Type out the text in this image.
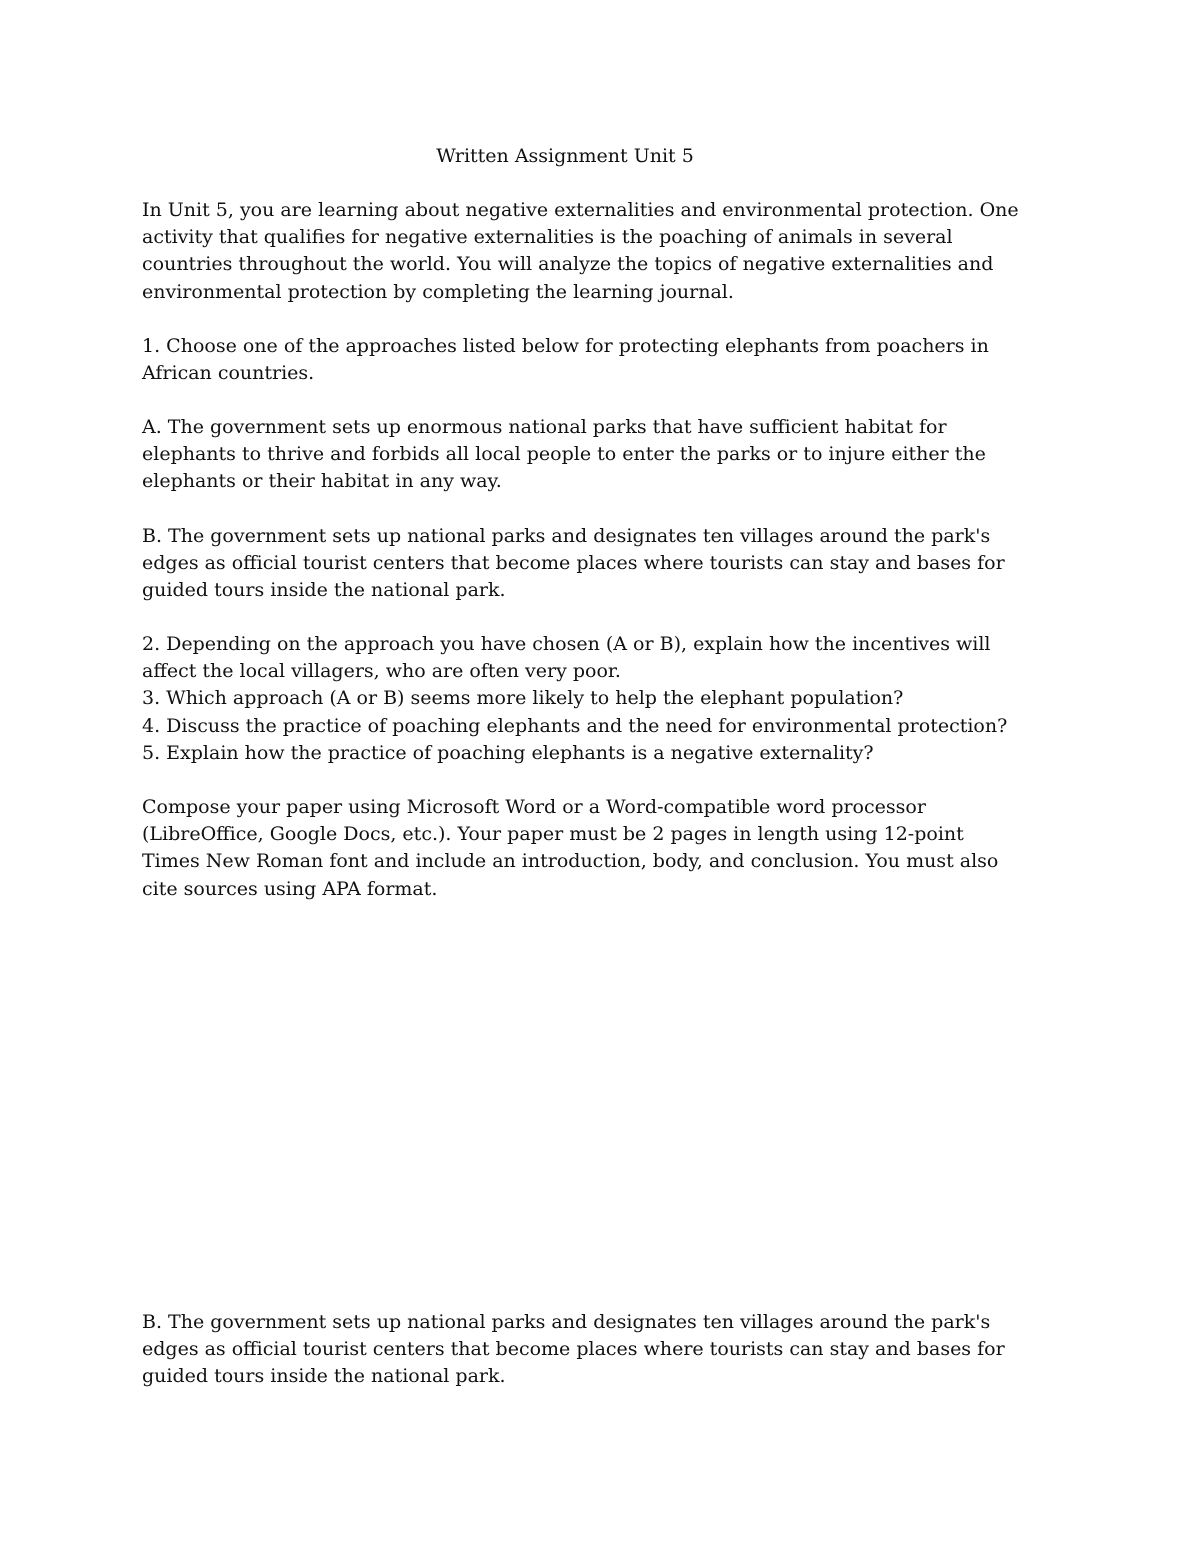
Written Assignment Unit 5

In Unit 5, you are learning about negative externalities and environmental protection. One
activity that qualifies for negative externalities is the poaching of animals in several
countries throughout the world. You will analyze the topics of negative externalities and
environmental protection by completing the learning journal.

1. Choose one of the approaches listed below for protecting elephants from poachers in
African countries.

A. The government sets up enormous national parks that have sufficient habitat for
elephants to thrive and forbids all local people to enter the parks or to injure either the
elephants or their habitat in any way.

B. The government sets up national parks and designates ten villages around the park's
edges as official tourist centers that become places where tourists can stay and bases for
guided tours inside the national park.

2. Depending on the approach you have chosen (A or B), explain how the incentives will
affect the local villagers, who are often very poor.
3. Which approach (A or B) seems more likely to help the elephant population?
4. Discuss the practice of poaching elephants and the need for environmental protection?
5. Explain how the practice of poaching elephants is a negative externality?

Compose your paper using Microsoft Word or a Word-compatible word processor
(LibreOffice, Google Docs, etc.). Your paper must be 2 pages in length using 12-point
Times New Roman font and include an introduction, body, and conclusion. You must also
cite sources using APA format.

B. The government sets up national parks and designates ten villages around the park's
edges as official tourist centers that become places where tourists can stay and bases for
guided tours inside the national park.
